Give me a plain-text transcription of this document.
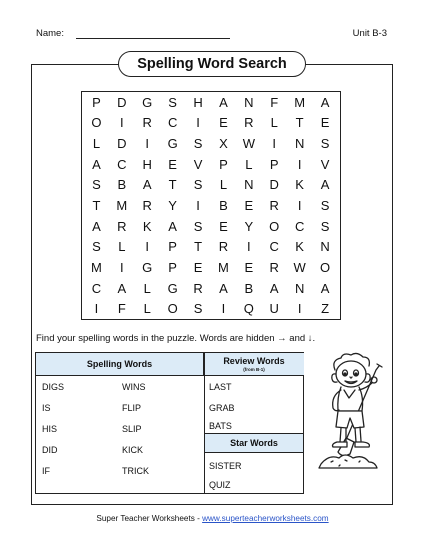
Name:	Unit B-3
Spelling Word Search
P	D	G	S	H	A	N	F	M	A
O	I	R	C	I	E	R	L	T	E
L	D	I	G	S	X	W	I	N	S
A	C	H	E	V	P	L	P	I	V
S	B	A	T	S	L	N	D	K	A
T	M	R	Y	I	B	E	R	I	S
A	R	K	A	S	E	Y	O	C	S
S	L	I	P	T	R	I	C	K	N
M	I	G	P	E	M	E	R	W	O
C	A	L	G	R	A	B	A	N	A
I	F	L	O	S	I	Q	U	I	Z
Find your spelling words in the puzzle. Words are hidden → and ↓.
Spelling Words	Review Words
(from B-1)
Star Words
DIGS
IS
HIS
DID
IF
WINS
FLIP
SLIP
KICK
TRICK
LAST
GRAB
BATS
SISTER
QUIZ
Super Teacher Worksheets - www.superteacherworksheets.com
